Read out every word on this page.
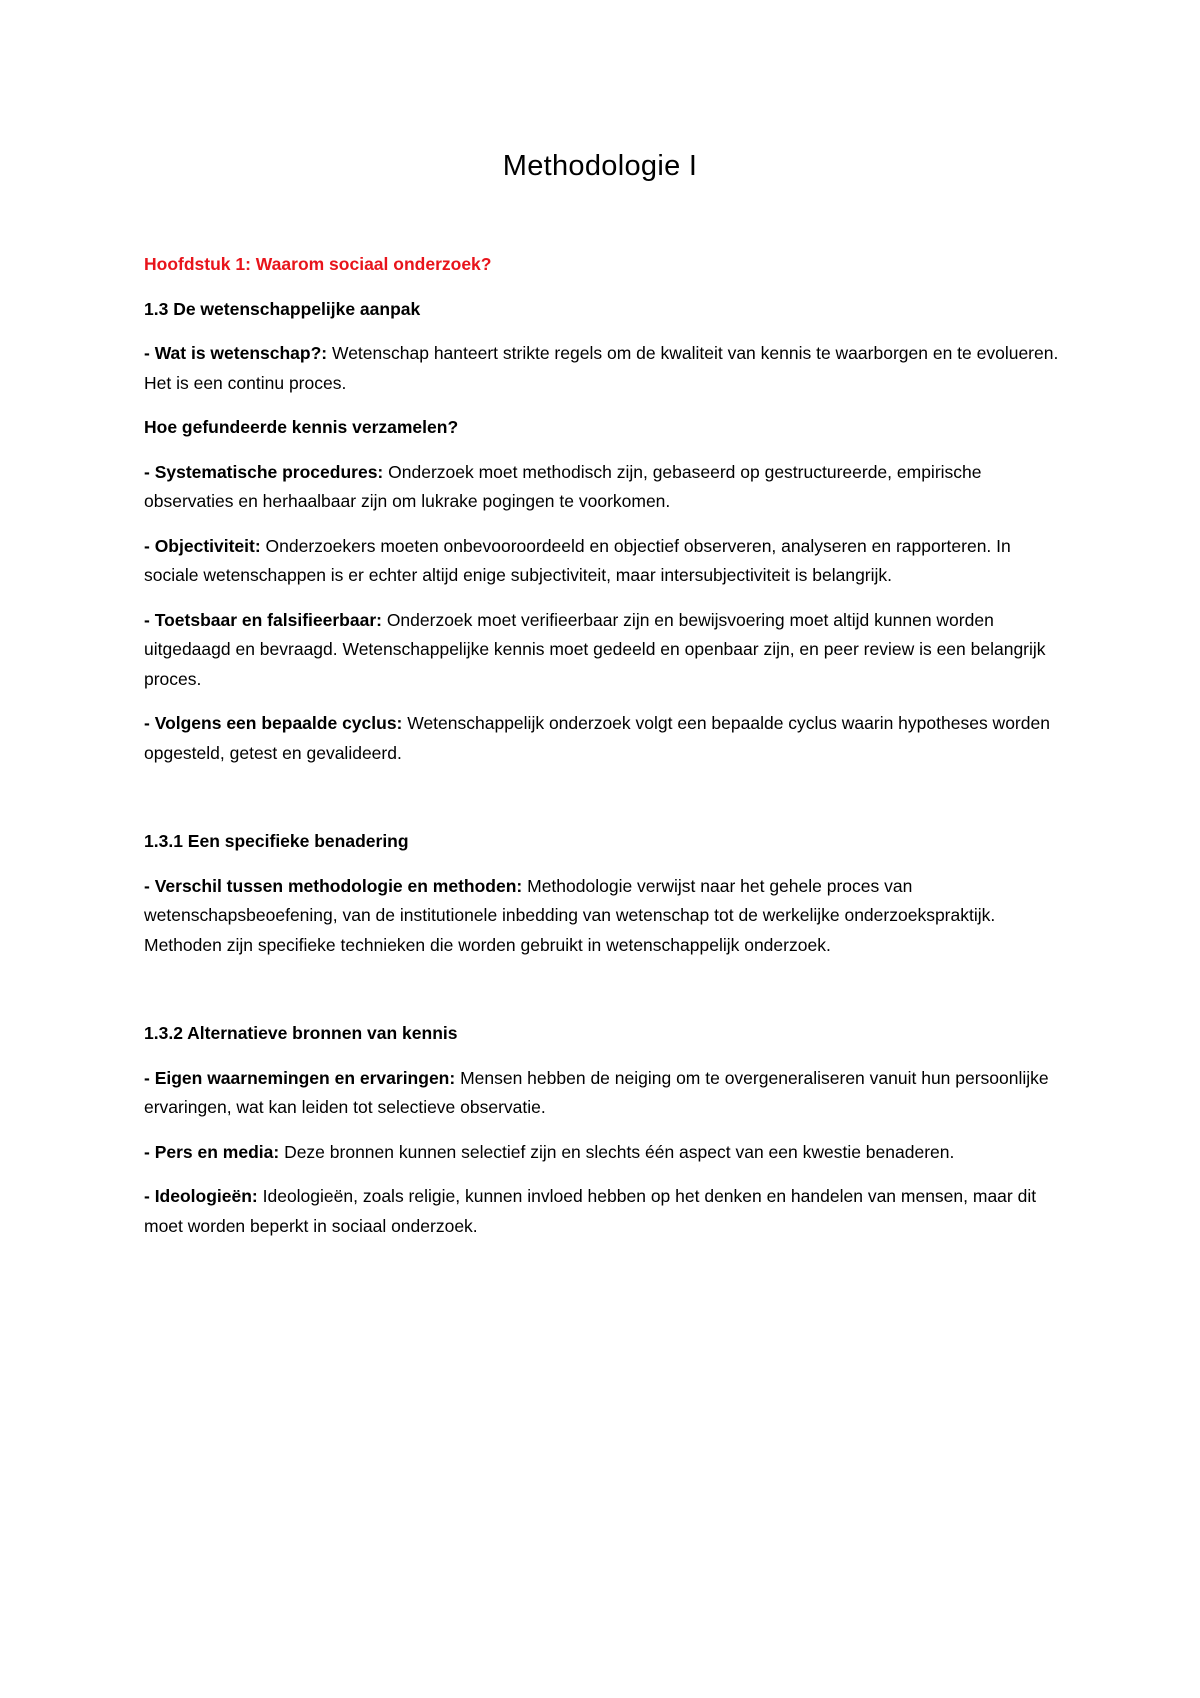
Methodologie I

Hoofdstuk 1: Waarom sociaal onderzoek?

1.3 De wetenschappelijke aanpak

- Wat is wetenschap?: Wetenschap hanteert strikte regels om de kwaliteit van kennis te waarborgen en te evolueren. Het is een continu proces.

Hoe gefundeerde kennis verzamelen?

- Systematische procedures: Onderzoek moet methodisch zijn, gebaseerd op gestructureerde, empirische observaties en herhaalbaar zijn om lukrake pogingen te voorkomen.

- Objectiviteit: Onderzoekers moeten onbevooroordeeld en objectief observeren, analyseren en rapporteren. In sociale wetenschappen is er echter altijd enige subjectiviteit, maar intersubjectiviteit is belangrijk.

- Toetsbaar en falsifieerbaar: Onderzoek moet verifieerbaar zijn en bewijsvoering moet altijd kunnen worden uitgedaagd en bevraagd. Wetenschappelijke kennis moet gedeeld en openbaar zijn, en peer review is een belangrijk proces.

- Volgens een bepaalde cyclus: Wetenschappelijk onderzoek volgt een bepaalde cyclus waarin hypotheses worden opgesteld, getest en gevalideerd.

1.3.1 Een specifieke benadering

- Verschil tussen methodologie en methoden: Methodologie verwijst naar het gehele proces van wetenschapsbeoefening, van de institutionele inbedding van wetenschap tot de werkelijke onderzoekspraktijk. Methoden zijn specifieke technieken die worden gebruikt in wetenschappelijk onderzoek.

1.3.2 Alternatieve bronnen van kennis

- Eigen waarnemingen en ervaringen: Mensen hebben de neiging om te overgeneraliseren vanuit hun persoonlijke ervaringen, wat kan leiden tot selectieve observatie.

- Pers en media: Deze bronnen kunnen selectief zijn en slechts één aspect van een kwestie benaderen.

- Ideologieën: Ideologieën, zoals religie, kunnen invloed hebben op het denken en handelen van mensen, maar dit moet worden beperkt in sociaal onderzoek.
